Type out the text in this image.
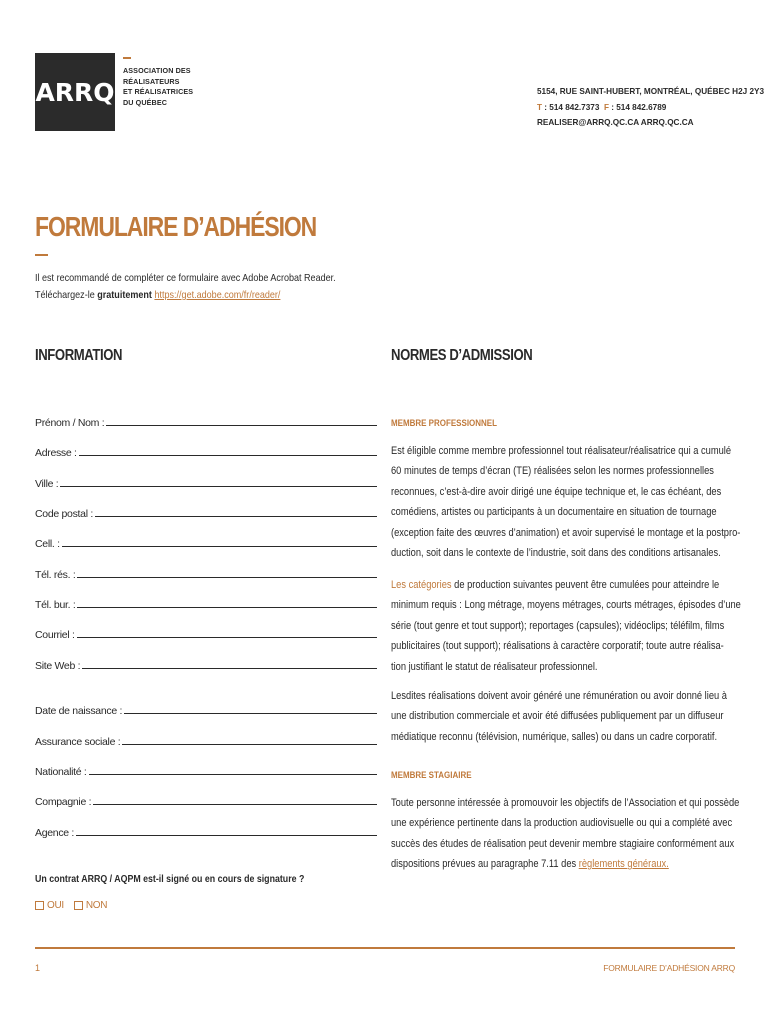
ARRQ
ASSOCIATION DES
RÉALISATEURS
ET RÉALISATRICES
DU QUÉBEC
5154, RUE SAINT-HUBERT, MONTRÉAL, QUÉBEC H2J 2Y3
T : 514 842.7373 F : 514 842.6789
REALISER@ARRQ.QC.CA ARRQ.QC.CA
FORMULAIRE D’ADHÉSION
Il est recommandé de compléter ce formulaire avec Adobe Acrobat Reader.
Téléchargez-le gratuitement https://get.adobe.com/fr/reader/
INFORMATION	NORMES D’ADMISSION
Prénom / Nom :
Adresse :
Ville :
Code postal :
Cell. :
Tél. rés. :
Tél. bur. :
Courriel :
Site Web :
Date de naissance :
Assurance sociale :
Nationalité :
Compagnie :
Agence :
Un contrat ARRQ / AQPM est-il signé ou en cours de signature ?
OUI NON
MEMBRE PROFESSIONNEL
Est éligible comme membre professionnel tout réalisateur/réalisatrice qui a cumulé
60 minutes de temps d’écran (TE) réalisées selon les normes professionnelles
reconnues, c’est-à-dire avoir dirigé une équipe technique et, le cas échéant, des
comédiens, artistes ou participants à un documentaire en situation de tournage
(exception faite des œuvres d’animation) et avoir supervisé le montage et la postpro-
duction, soit dans le contexte de l’industrie, soit dans des conditions artisanales.
Les catégories de production suivantes peuvent être cumulées pour atteindre le
minimum requis : Long métrage, moyens métrages, courts métrages, épisodes d’une
série (tout genre et tout support); reportages (capsules); vidéoclips; téléfilm, films
publicitaires (tout support); réalisations à caractère corporatif; toute autre réalisa-
tion justifiant le statut de réalisateur professionnel.
Lesdites réalisations doivent avoir généré une rémunération ou avoir donné lieu à
une distribution commerciale et avoir été diffusées publiquement par un diffuseur
médiatique reconnu (télévision, numérique, salles) ou dans un cadre corporatif.
MEMBRE STAGIAIRE
Toute personne intéressée à promouvoir les objectifs de l’Association et qui possède
une expérience pertinente dans la production audiovisuelle ou qui a complété avec
succès des études de réalisation peut devenir membre stagiaire conformément aux
dispositions prévues au paragraphe 7.11 des règlements généraux.
1	FORMULAIRE D’ADHÉSION ARRQ
